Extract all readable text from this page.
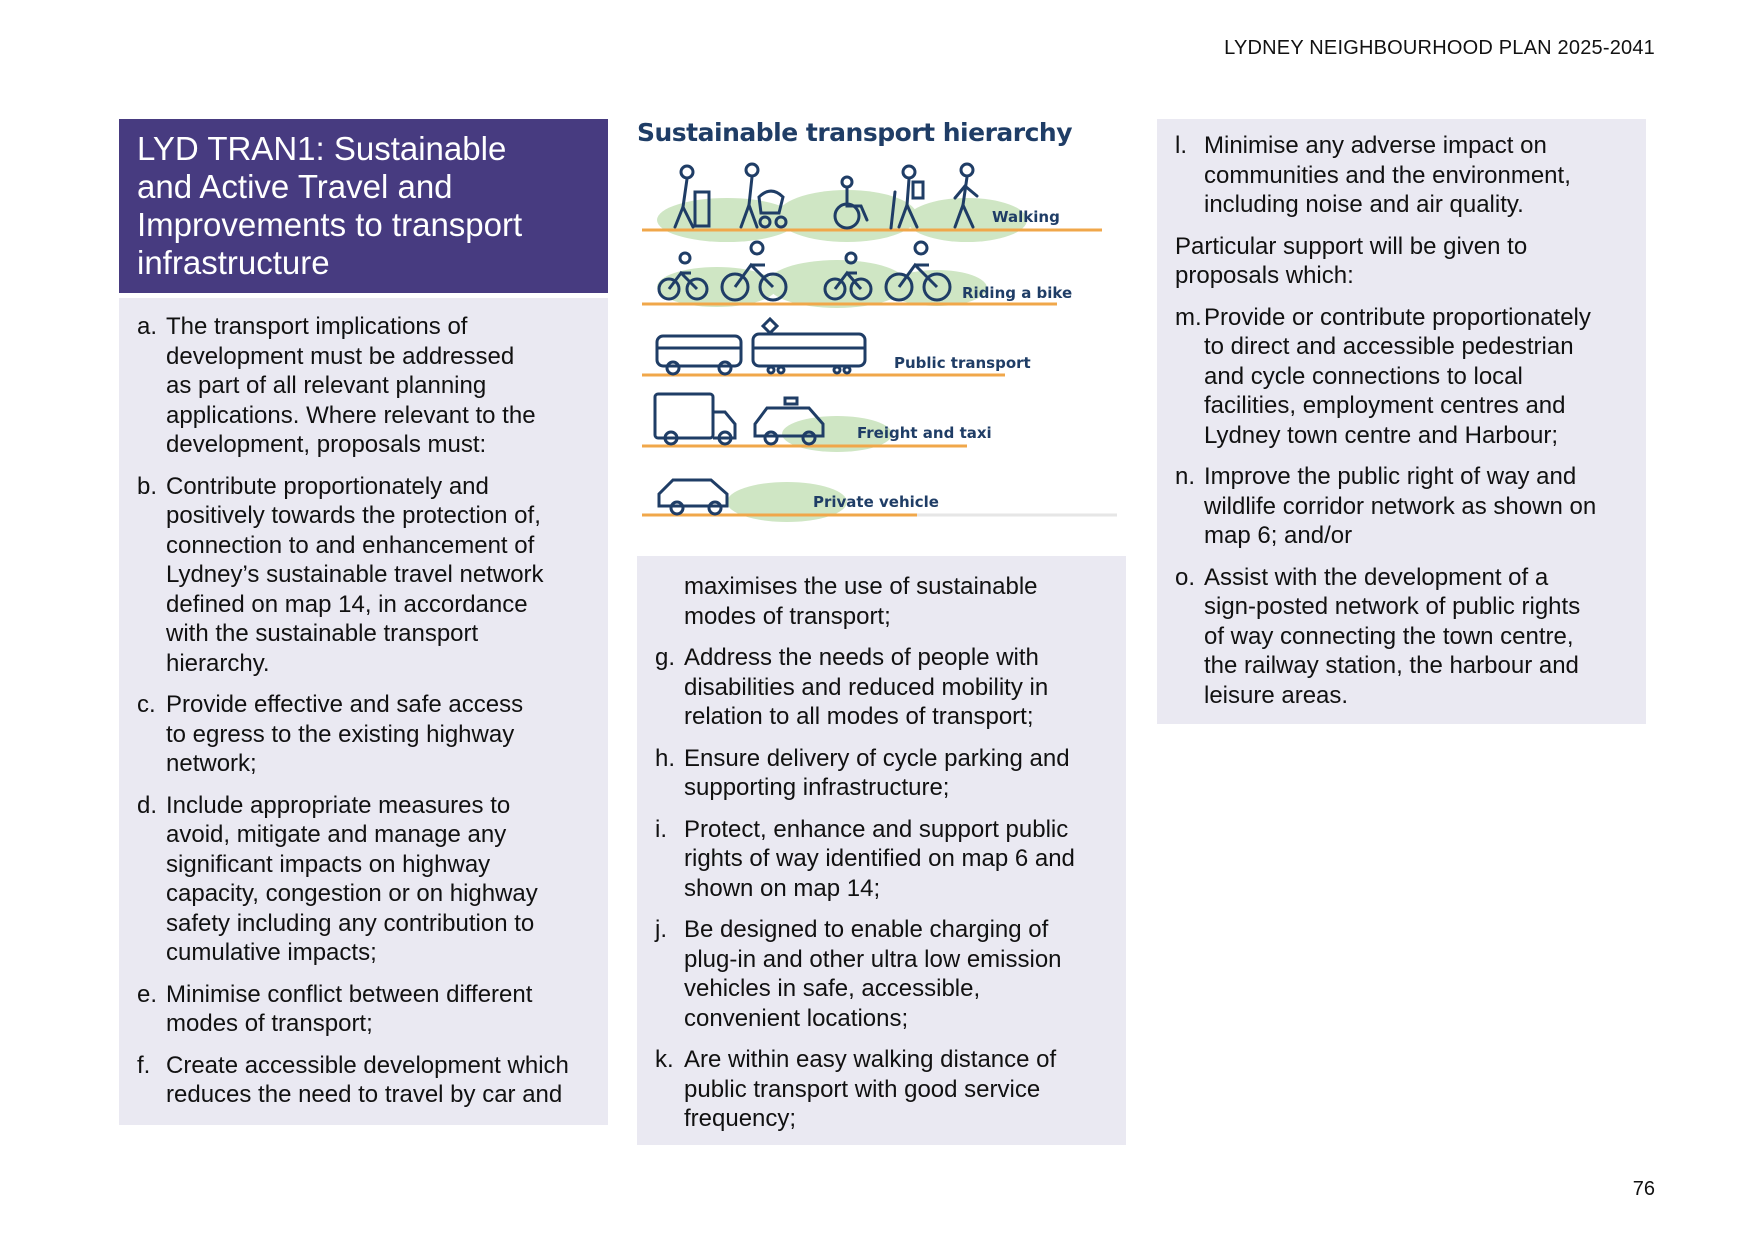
LYDNEY NEIGHBOURHOOD PLAN 2025-2041
LYD TRAN1: Sustainable
and Active Travel and
Improvements to transport
infrastructure
a. The transport implications of
development must be addressed
as part of all relevant planning
applications. Where relevant to the
development, proposals must:
b. Contribute proportionately and
positively towards the protection of,
connection to and enhancement of
Lydney’s sustainable travel network
defined on map 14, in accordance
with the sustainable transport
hierarchy.
c. Provide effective and safe access
to egress to the existing highway
network;
d. Include appropriate measures to
avoid, mitigate and manage any
significant impacts on highway
capacity, congestion or on highway
safety including any contribution to
cumulative impacts;
e. Minimise conflict between different
modes of transport;
f. Create accessible development which
reduces the need to travel by car and
Walking
Riding a bike
Public transport
Freight and taxi
Private vehicle
Sustainable transport hierarchy
maximises the use of sustainable
modes of transport;
g. Address the needs of people with
disabilities and reduced mobility in
relation to all modes of transport;
h. Ensure delivery of cycle parking and
supporting infrastructure;
i. Protect, enhance and support public
rights of way identified on map 6 and
shown on map 14;
j. Be designed to enable charging of
plug-in and other ultra low emission
vehicles in safe, accessible,
convenient locations;
k. Are within easy walking distance of
public transport with good service
frequency;
l. Minimise any adverse impact on
communities and the environment,
including noise and air quality.
Particular support will be given to
proposals which:
m. Provide or contribute proportionately
to direct and accessible pedestrian
and cycle connections to local
facilities, employment centres and
Lydney town centre and Harbour;
n. Improve the public right of way and
wildlife corridor network as shown on
map 6; and/or
o. Assist with the development of a
sign-posted network of public rights
of way connecting the town centre,
the railway station, the harbour and
leisure areas.
76
